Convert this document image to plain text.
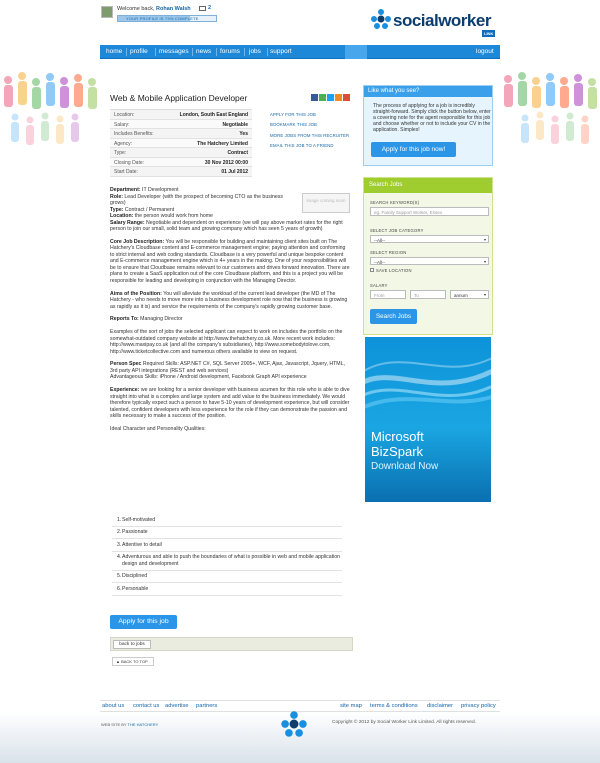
Welcome back, Rohan Walsh	2
YOUR PROFILE IS 73% COMPLETE	socialworker
LINK
home profile messages news forums jobs support	logout
Web & Mobile Application Developer
Location:	London, South East England
Salary:	Negotiable
Includes Benefits:	Yes
Agency:	The Hatchery Limited
Type:	Contract
Closing Date:	30 Nov 2012 00:00
Start Date:	01 Jul 2012
APPLY FOR THIS JOB
BOOKMARK THIS JOB
MORE JOBS FROM THIS RECRUITER
EMAIL THIS JOB TO A FRIEND
image coming soon

Department: IT Development
Role: Lead Developer (with the prospect of becoming CTO as the business grows)
Type: Contract / Permanent
Location: the person would work from home

Salary Range: Negotiable and dependent on experience (we will pay above market rates for the right person to join our small, solid team and growing company which has seen 5 years of growth)

Core Job Description: You will be responsible for building and maintaining client sites built on The Hatchery's Cloudbase content and E-commerce management engine; paying attention and conforming to strict internal and web coding standards. Cloudbase is a very powerful and unique bespoke content and E-commerce management engine which is 4+ years in the making. One of your responsibilities will be to ensure that Cloudbase remains relevant to our customers and drives forward innovation. There are plans to create a SaaS application out of the core Cloudbase platform, and this is a project you will be responsible for leading and developing in conjunction with the Managing Director.

Aims of the Position: You will alleviate the workload of the current lead developer (the MD of The Hatchery - who needs to move more into a business development role now that the business is growing as rapidly as it is) and service the requirements of the company's rapidly growing customer base.

Reports To: Managing Director

Examples of the sort of jobs the selected applicant can expect to work on includes the portfolio on the somewhat-outdated company website at http://www.thehatchery.co.uk. More recent work includes: http://www.maxipay.co.uk (and all the company's subsidiaries), http://www.somebodytolove.com, http://www.ticketcollective.com and numerous others available to view on request.

Person Spec Required Skills: ASP.NET C#, SQL Server 2005+, WCF, Ajax, Javascript, Jquery, HTML, 3rd party API integrations (REST and web services)
Advantageous Skills: iPhone / Android development, Facebook Graph API experience

Experience: we are looking for a senior developer with business acumen for this role who is able to dive straight into what is a complex and large system and add value to the business immediately. We would therefore typically expect such a person to have 5-10 years of development experience, but will consider talented, confident developers with less experience for the role if they can demonstrate the passion and skills necessary to make a success of the position.

Ideal Character and Personality Qualities:

1. Self-motivated
2. Passionate
3. Attentive to detail
4. Adventurous and able to push the boundaries of what is possible in web and mobile application design and development
5. Disciplined
6. Personable
Apply for this job
back to jobs
▲ BACK TO TOP
Like what you see?
The process of applying for a job is incredibly straight-forward. Simply click the button below, enter a covering note for the agent responsible for this job and choose whether or not to include your CV in the application. Simples!
Apply for this job now!
Search Jobs
SEARCH KEYWORD(S)
eg. Family Support Worker, Essex
SELECT JOB CATEGORY
--All--	▾
SELECT REGION
--All--	▾
SAVE LOCATION
SALARY
From	To	annum	▾
Search Jobs
Microsoft
BizSpark
Download Now
about us contact us advertise partners	site map terms & conditions disclaimer privacy policy
WEB SITE BY THE HATCHERY	Copyright © 2012 by Social Worker Link Limited. All rights reserved.
